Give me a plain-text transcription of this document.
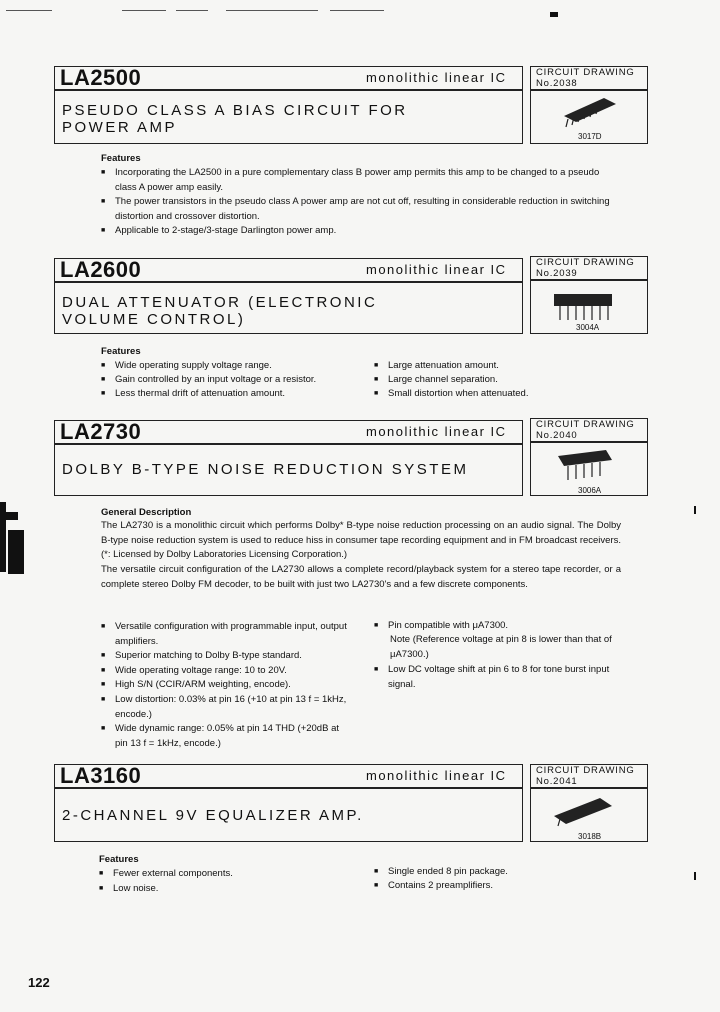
LA2500	monolithic linear IC
PSEUDO CLASS A BIAS CIRCUIT FOR
POWER AMP
CIRCUIT DRAWING
No.2038
3017D
Features
■ Incorporating the LA2500 in a pure complementary class B power amp permits this amp to be changed to a pseudo class A power amp easily.
■ The power transistors in the pseudo class A power amp are not cut off, resulting in considerable reduction in switching distortion and crossover distortion.
■ Applicable to 2-stage/3-stage Darlington power amp.
LA2600	monolithic linear IC
DUAL ATTENUATOR (ELECTRONIC
VOLUME CONTROL)
CIRCUIT DRAWING
No.2039
3004A
Features
■ Wide operating supply voltage range.
■ Gain controlled by an input voltage or a resistor.
■ Less thermal drift of attenuation amount.
■ Large attenuation amount.
■ Large channel separation.
■ Small distortion when attenuated.
LA2730	monolithic linear IC
DOLBY B-TYPE NOISE REDUCTION SYSTEM
CIRCUIT DRAWING
No.2040
3006A
General Description
The LA2730 is a monolithic circuit which performs Dolby* B-type noise reduction processing on an audio signal. The Dolby B-type noise reduction system is used to reduce hiss in consumer tape recording equipment and in FM broadcast receivers. (*: Licensed by Dolby Laboratories Licensing Corporation.)
The versatile circuit configuration of the LA2730 allows a complete record/playback system for a stereo tape recorder, or a complete stereo Dolby FM decoder, to be built with just two LA2730's and a few discrete components.
■ Versatile configuration with programmable input, output amplifiers.
■ Superior matching to Dolby B-type standard.
■ Wide operating voltage range: 10 to 20V.
■ High S/N (CCIR/ARM weighting, encode).
■ Low distortion: 0.03% at pin 16 (+10 at pin 13 f = 1kHz, encode.)
■ Wide dynamic range: 0.05% at pin 14 THD (+20dB at pin 13 f = 1kHz, encode.)
■ Pin compatible with μA7300.
Note (Reference voltage at pin 8 is lower than that of μA7300.)
■ Low DC voltage shift at pin 6 to 8 for tone burst input signal.
LA3160	monolithic linear IC
2-CHANNEL 9V EQUALIZER AMP.
CIRCUIT DRAWING
No.2041
3018B
Features
■ Fewer external components.
■ Low noise.
■ Single ended 8 pin package.
■ Contains 2 preamplifiers.
122
